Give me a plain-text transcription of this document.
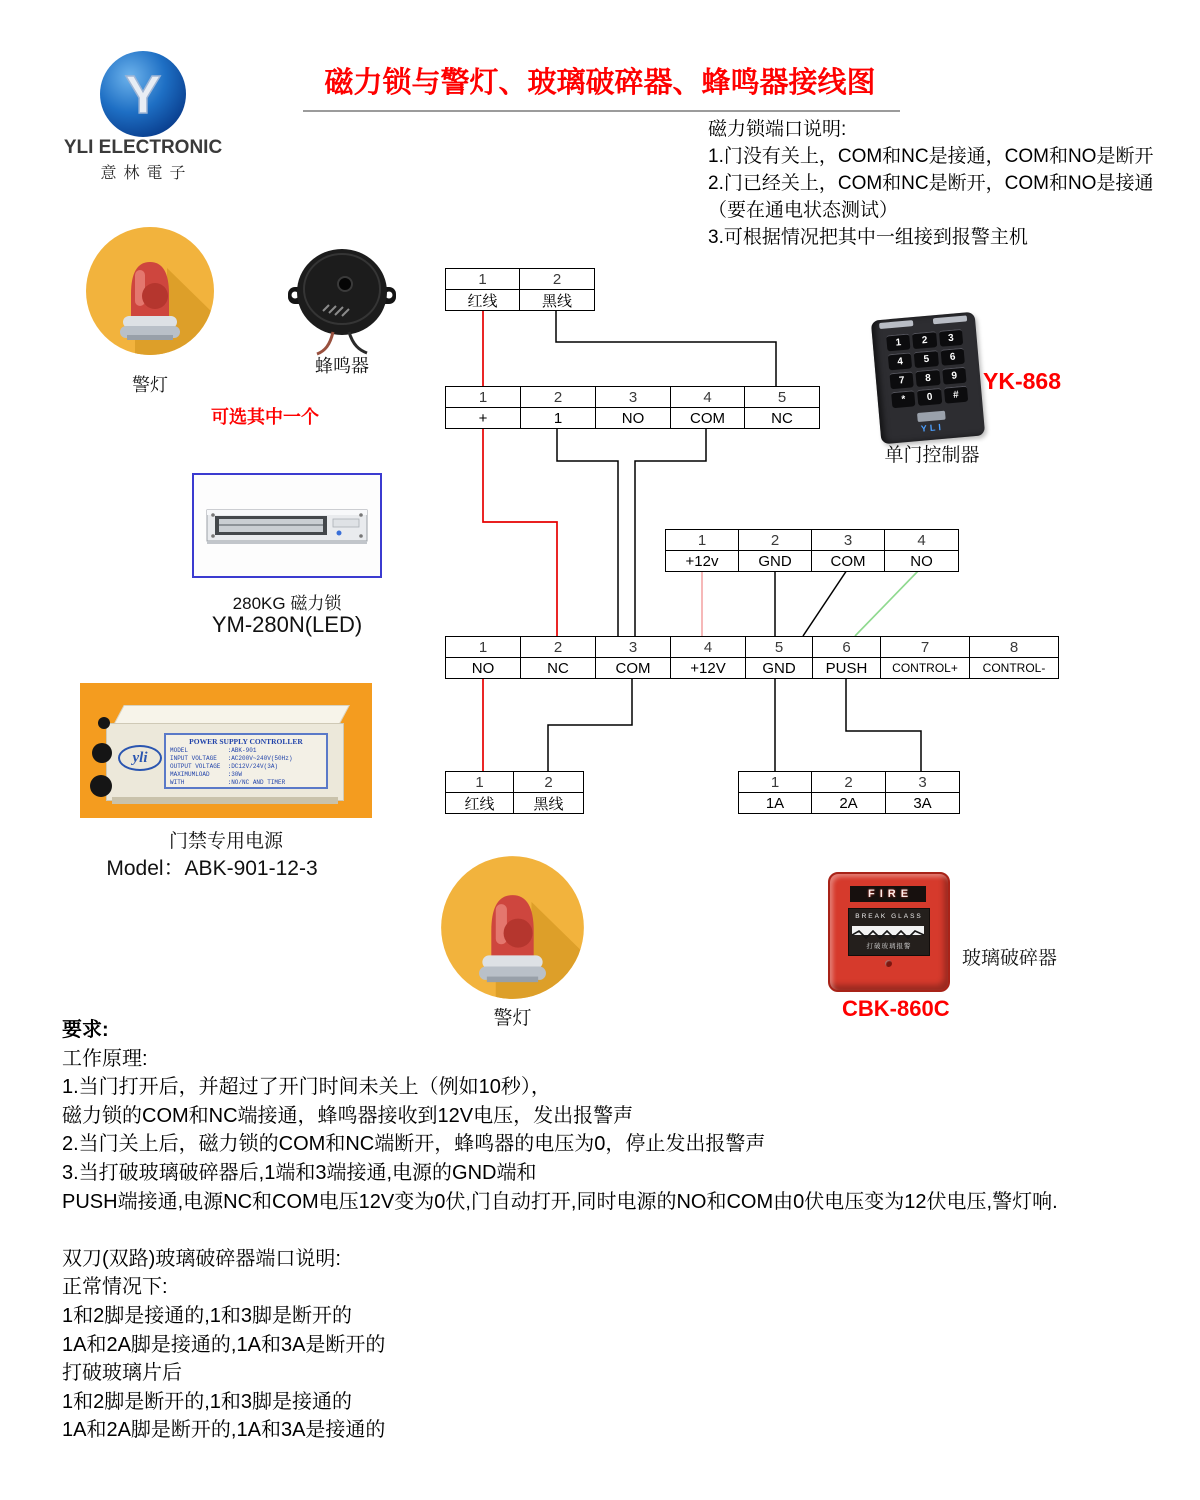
Y
YLI ELECTRONIC
意林電子
磁力锁与警灯、玻璃破碎器、蜂鸣器接线图
磁力锁端口说明:
1.门没有关上，COM和NC是接通，COM和NO是断开
2.门已经关上，COM和NC是断开，COM和NO是接通
（要在通电状态测试）
3.可根据情况把其中一组接到报警主机
警灯
蜂鸣器
可选其中一个
280KG 磁力锁
YM-280N(LED)
POWER SUPPLY CONTROLLER
MODEL           :ABK-901
INPUT VOLTAGE   :AC200V~240V(50Hz)
OUTPUT VOLTAGE  :DC12V/24V(3A)
MAXIMUMLOAD     :30W
WITH            :NO/NC AND TIMER
yli
门禁专用电源
Model：ABK-901-12-3
1	2	3
4	5	6
7	8	9
*	0	#
YLI
YK-868
单门控制器
警灯
FIRE
BREAK GLASS
打破玻璃报警
玻璃破碎器
CBK-860C
1	2
红线	黑线
1	2	3	4	5
+	1	NO	COM	NC
1	2	3	4
+12v	GND	COM	NO
1	2	3	4	5	6	7	8
NO	NC	COM	+12V	GND	PUSH	CONTROL+	CONTROL-
1	2
红线	黑线
1	2	3
1A	2A	3A
要求:
工作原理:
1.当门打开后，并超过了开门时间未关上（例如10秒），
磁力锁的COM和NC端接通，蜂鸣器接收到12V电压，发出报警声
2.当门关上后，磁力锁的COM和NC端断开，蜂鸣器的电压为0，停止发出报警声
3.当打破玻璃破碎器后,1端和3端接通,电源的GND端和
PUSH端接通,电源NC和COM电压12V变为0伏,门自动打开,同时电源的NO和COM由0伏电压变为12伏电压,警灯响.

双刀(双路)玻璃破碎器端口说明:
正常情况下:
1和2脚是接通的,1和3脚是断开的
1A和2A脚是接通的,1A和3A是断开的
打破玻璃片后
1和2脚是断开的,1和3脚是接通的
1A和2A脚是断开的,1A和3A是接通的
